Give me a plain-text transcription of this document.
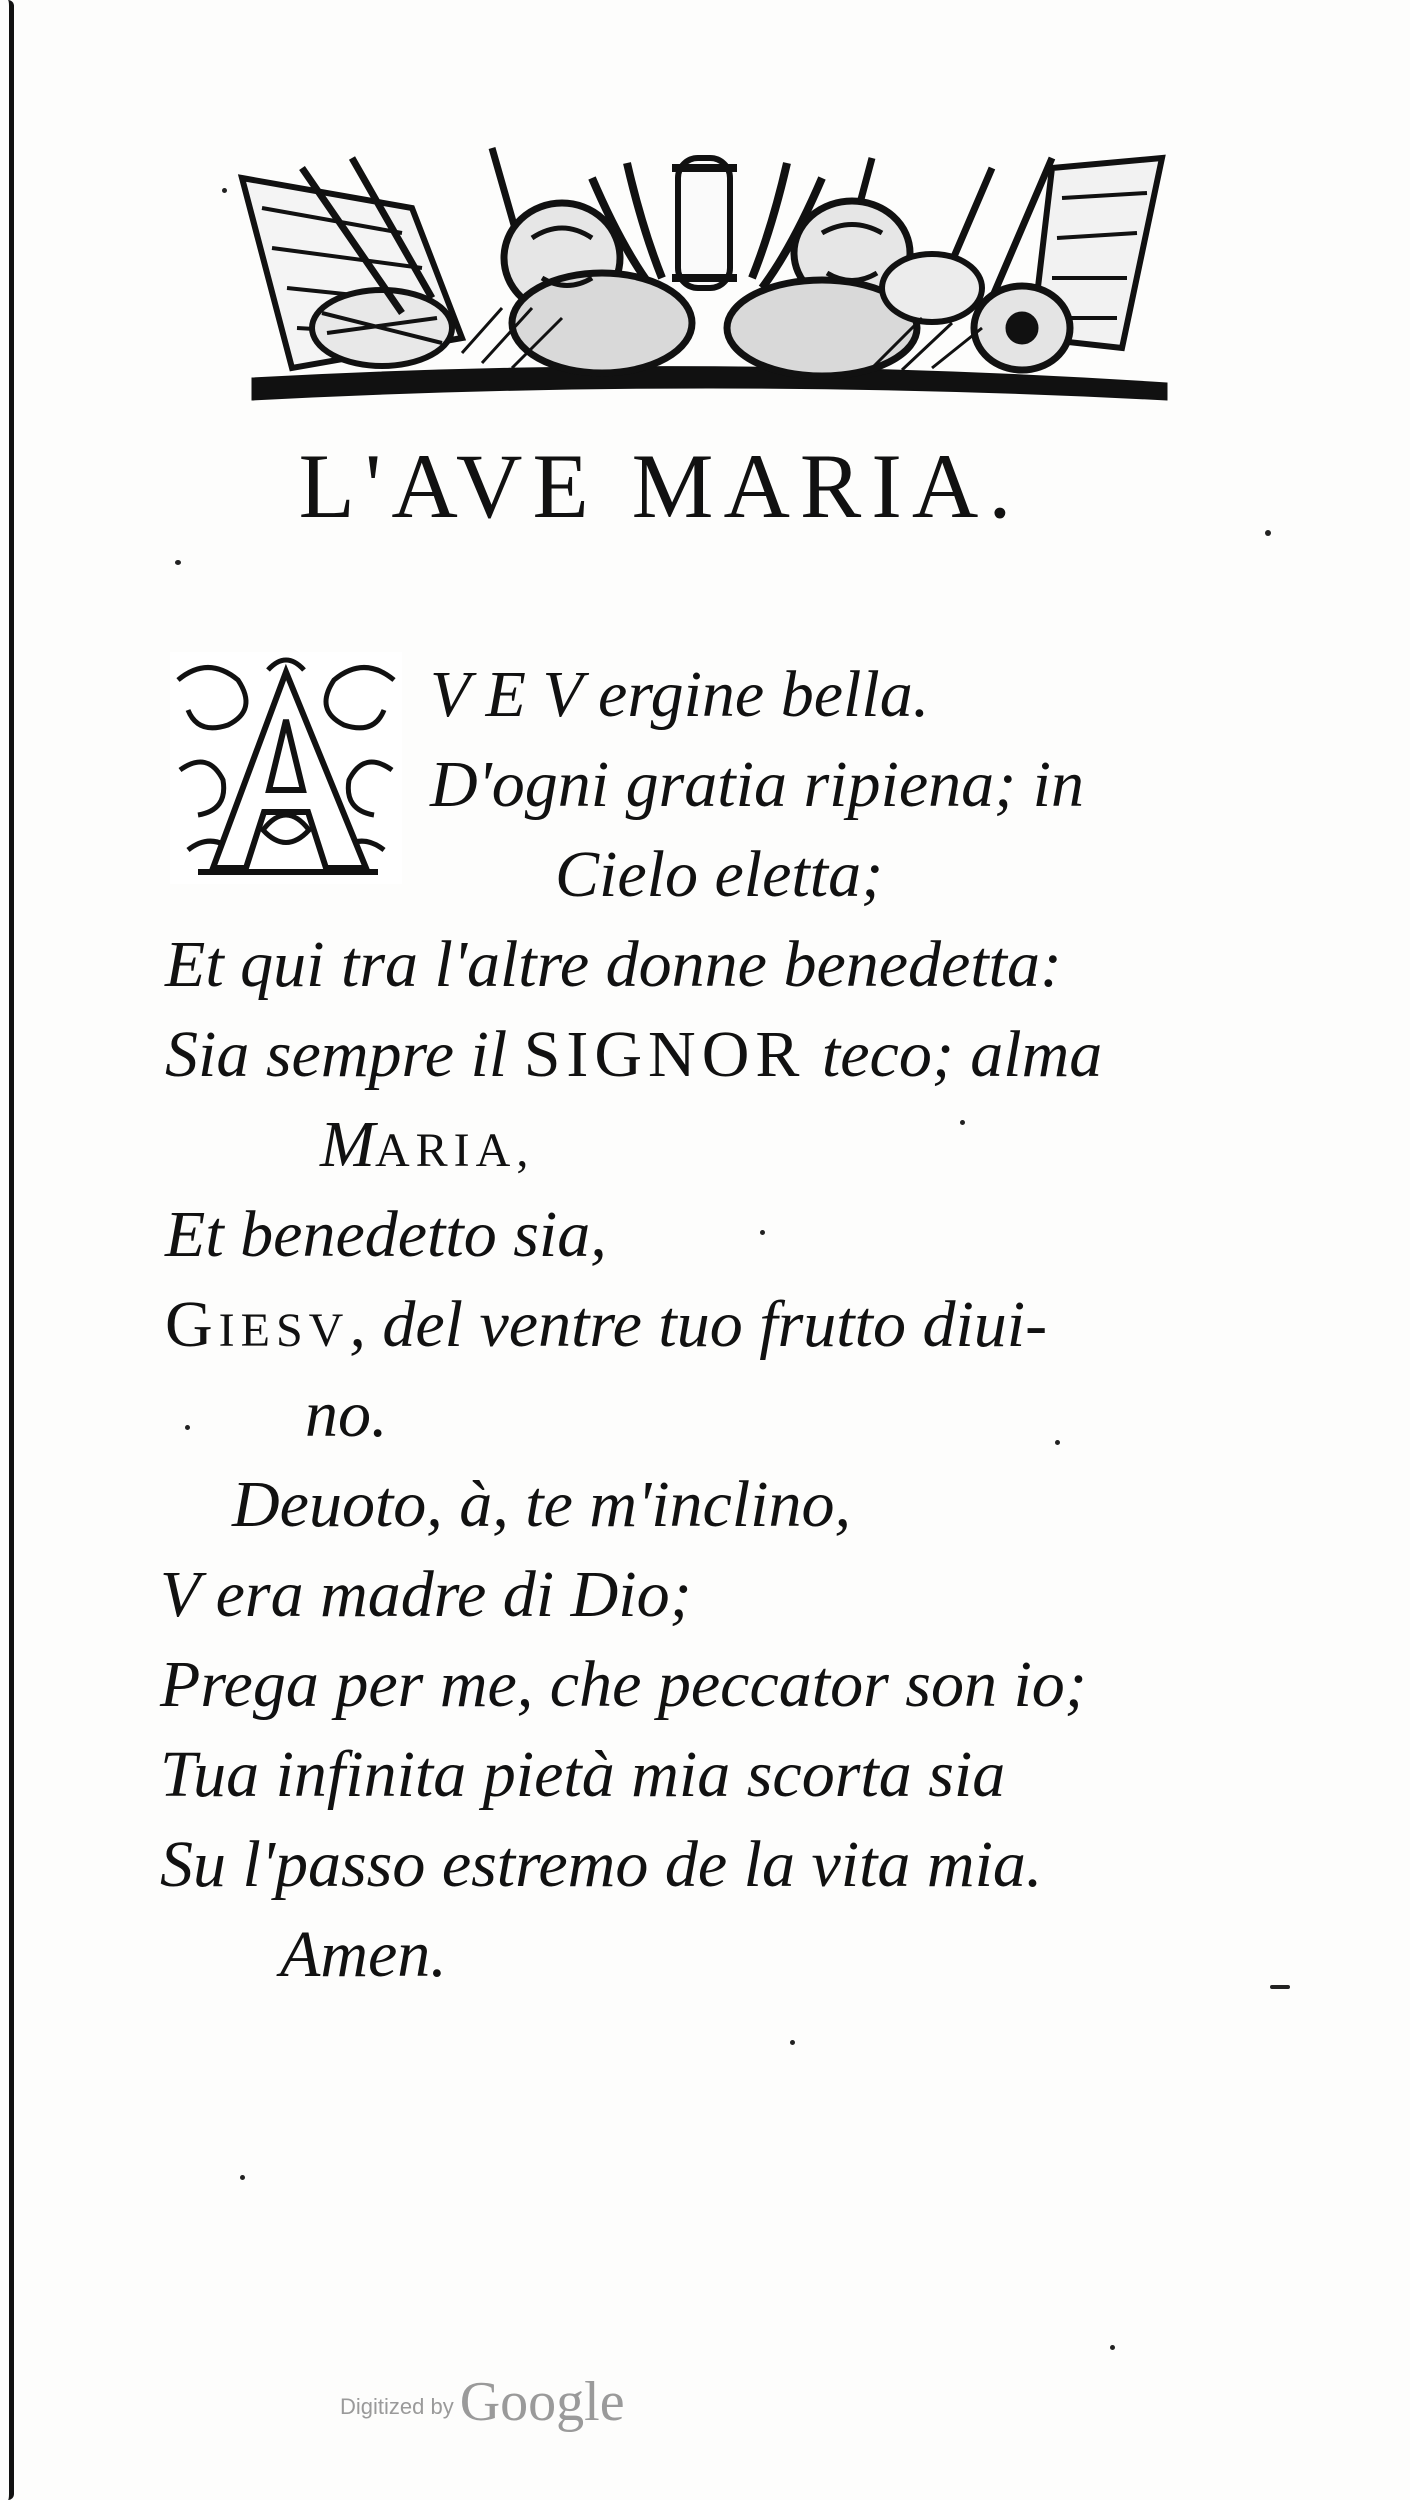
L'AVE MARIA.

V E V ergine bella.

D'ogni gratia ripiena; in

Cielo eletta;

Et qui tra l'altre donne benedetta:

Sia sempre il SIGNOR teco; alma

MARIA,

Et benedetto sia,

GIESV, del ventre tuo frutto diui-

no.

Deuoto, à, te m'inclino,

V era madre di Dio;

Prega per me, che peccator son io;

Tua infinita pietà mia scorta sia

Su l'passo estremo de la vita mia.

Amen.

Digitized by Google
